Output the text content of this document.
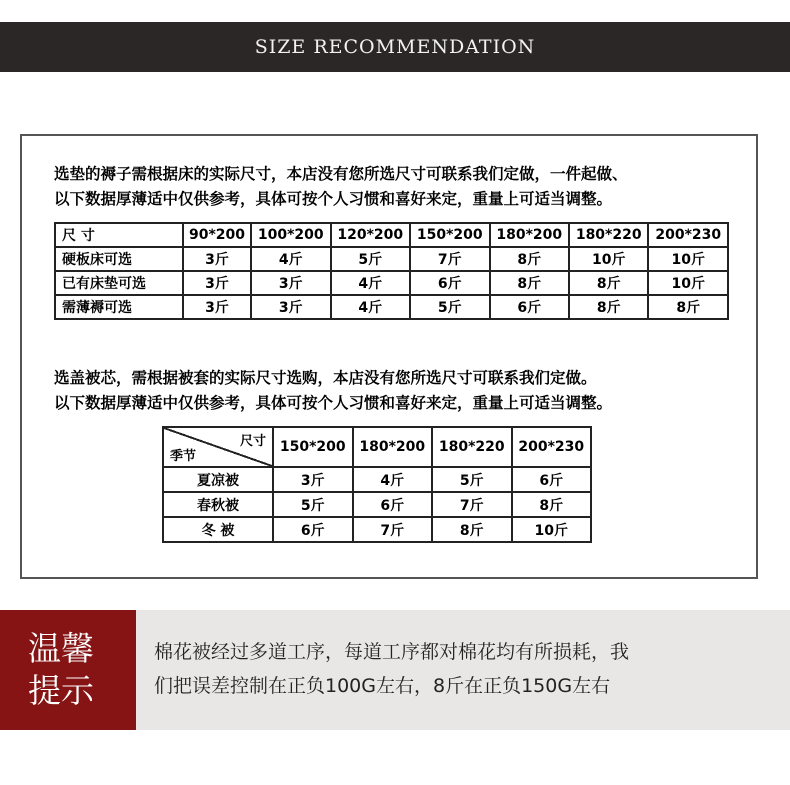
SIZE RECOMMENDATION
选垫的褥子需根据床的实际尺寸，本店没有您所选尺寸可联系我们定做，一件起做、
以下数据厚薄适中仅供参考，具体可按个人习惯和喜好来定，重量上可适当调整。
尺 寸	90*200	100*200	120*200	150*200	180*200	180*220	200*230
硬板床可选	3斤	4斤	5斤	7斤	8斤	10斤	10斤
已有床垫可选	3斤	3斤	4斤	6斤	8斤	8斤	10斤
需薄褥可选	3斤	3斤	4斤	5斤	6斤	8斤	8斤
选盖被芯，需根据被套的实际尺寸选购，本店没有您所选尺寸可联系我们定做。
以下数据厚薄适中仅供参考，具体可按个人习惯和喜好来定，重量上可适当调整。
尺寸
季节	150*200	180*200	180*220	200*230
夏凉被	3斤	4斤	5斤	6斤
春秋被	5斤	6斤	7斤	8斤
冬 被	6斤	7斤	8斤	10斤
温馨
提示
棉花被经过多道工序，每道工序都对棉花均有所损耗，我
们把误差控制在正负100G左右，8斤在正负150G左右
